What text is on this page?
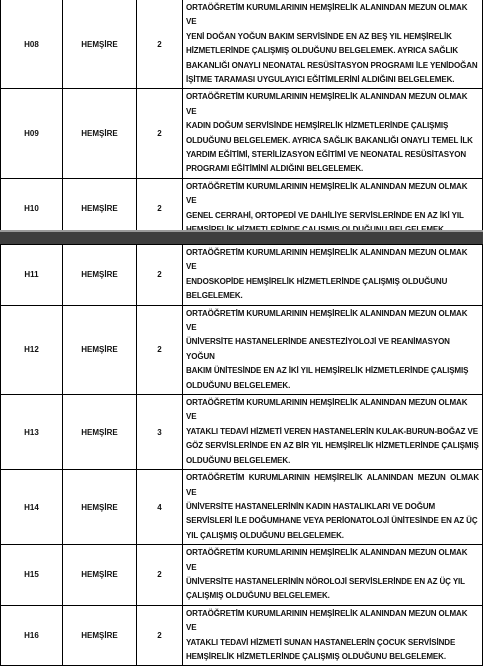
H08	HEMŞİRE	2	ORTAÖĞRETİM KURUMLARININ HEMŞİRELİK ALANINDAN MEZUN OLMAK VE
YENİ DOĞAN YOĞUN BAKIM SERVİSİNDE EN AZ BEŞ YIL HEMŞİRELİK
HİZMETLERİNDE ÇALIŞMIŞ OLDUĞUNU BELGELEMEK. AYRICA SAĞLIK
BAKANLIĞI ONAYLI NEONATAL RESÜSİTASYON PROGRAMI İLE YENİDOĞAN
İŞİTME TARAMASI UYGULAYICI EĞİTİMLERİNİ ALDIĞINI BELGELEMEK.

H09	HEMŞİRE	2	ORTAÖĞRETİM KURUMLARININ HEMŞİRELİK ALANINDAN MEZUN OLMAK VE
KADIN DOĞUM SERVİSİNDE HEMŞİRELİK HİZMETLERİNDE ÇALIŞMIŞ
OLDUĞUNU BELGELEMEK. AYRICA SAĞLIK BAKANLIĞI ONAYLI TEMEL İLK
YARDIM EĞİTİMİ, STERİLİZASYON EĞİTİMİ VE NEONATAL RESÜSİTASYON
PROGRAMI EĞİTİMİNİ ALDIĞINI BELGELEMEK.

H10	HEMŞİRE	2	ORTAÖĞRETİM KURUMLARININ HEMŞİRELİK ALANINDAN MEZUN OLMAK VE
GENEL CERRAHİ, ORTOPEDİ VE DAHİLİYE SERVİSLERİNDE EN AZ İKİ YIL
H11	HEMŞİRE	2	ORTAÖĞRETİM KURUMLARININ HEMŞİRELİK ALANINDAN MEZUN OLMAK VE
ENDOSKOPİDE HEMŞİRELİK HİZMETLERİNDE ÇALIŞMIŞ OLDUĞUNU
BELGELEMEK.

H12	HEMŞİRE	2	ORTAÖĞRETİM KURUMLARININ HEMŞİRELİK ALANINDAN MEZUN OLMAK VE
ÜNİVERSİTE HASTANELERİNDE ANESTEZİYOLOJİ VE REANİMASYON YOĞUN
BAKIM ÜNİTESİNDE EN AZ İKİ YIL HEMŞİRELİK HİZMETLERİNDE ÇALIŞMIŞ
OLDUĞUNU BELGELEMEK.

H13	HEMŞİRE	3	ORTAÖĞRETİM KURUMLARININ HEMŞİRELİK ALANINDAN MEZUN OLMAK VE
YATAKLI TEDAVİ HİZMETİ VEREN HASTANELERİN KULAK-BURUN-BOĞAZ VE
GÖZ SERVİSLERİNDE EN AZ BİR YIL HEMŞİRELİK HİZMETLERİNDE ÇALIŞMIŞ
OLDUĞUNU BELGELEMEK.

H14	HEMŞİRE	4	ORTAÖĞRETİM KURUMLARININ HEMŞİRELİK ALANINDAN MEZUN OLMAK VE
ÜNİVERSİTE HASTANELERİNİN KADIN HASTALIKLARI VE DOĞUM
SERVİSLERİ İLE DOĞUMHANE VEYA PERİONATOLOJİ ÜNİTESİNDE EN AZ ÜÇ
YIL ÇALIŞMIŞ OLDUĞUNU BELGELEMEK.

H15	HEMŞİRE	2	ORTAÖĞRETİM KURUMLARININ HEMŞİRELİK ALANINDAN MEZUN OLMAK VE
ÜNİVERSİTE HASTANELERİNİN NÖROLOJİ SERVİSLERİNDE EN AZ ÜÇ YIL
ÇALIŞMIŞ OLDUĞUNU BELGELEMEK.

H16	HEMŞİRE	2	ORTAÖĞRETİM KURUMLARININ HEMŞİRELİK ALANINDAN MEZUN OLMAK VE
YATAKLI TEDAVİ HİZMETİ SUNAN HASTANELERİN ÇOCUK SERVİSİNDE
HEMŞİRELİK HİZMETLERİNDE ÇALIŞMIŞ OLDUĞUNU BELGELEMEK.
